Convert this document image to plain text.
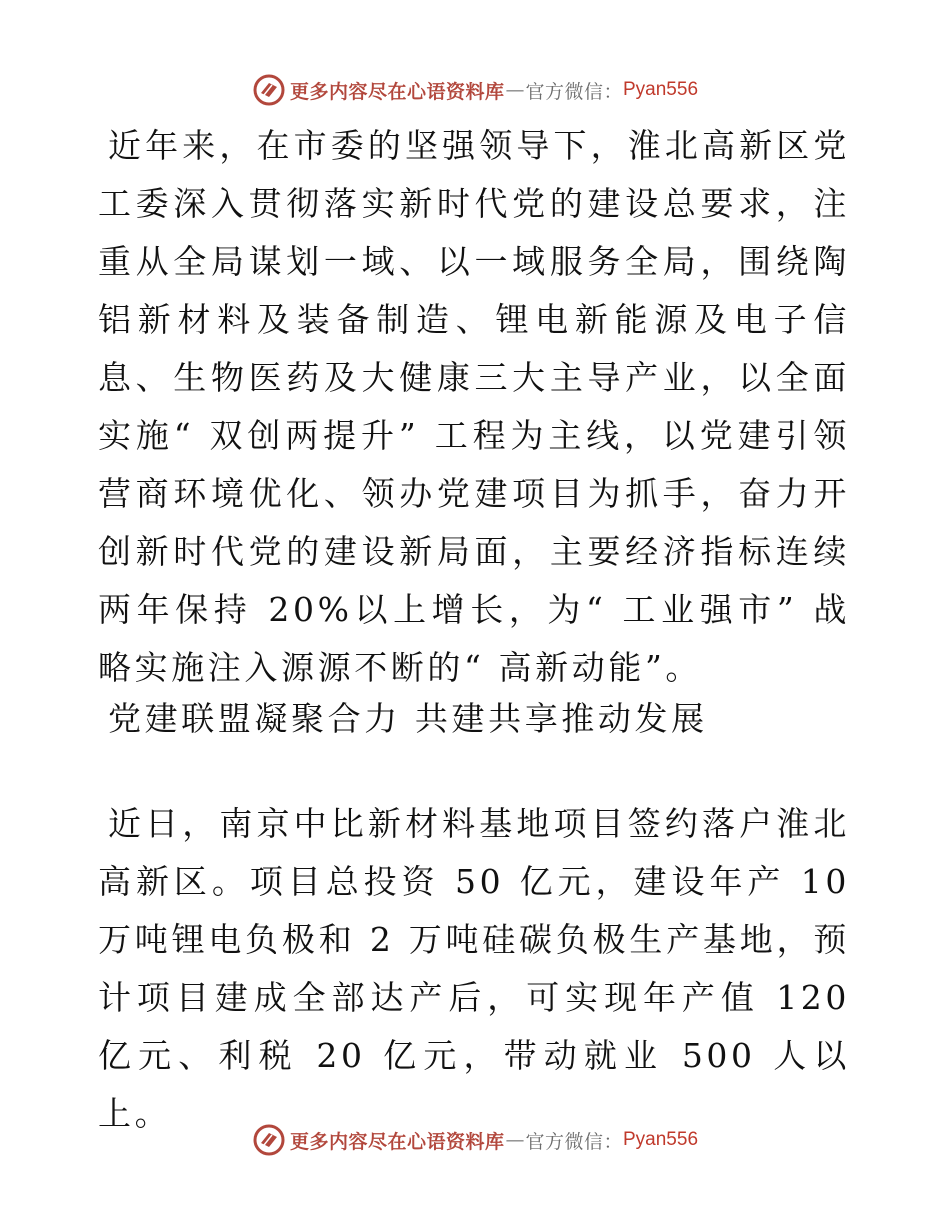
更多内容尽在心语资料库 — 官方微信： Pyan556

近年来，在市委的坚强领导下，淮北高新区党工委深入贯彻落实新时代党的建设总要求，注重从全局谋划一域、以一域服务全局，围绕陶铝新材料及装备制造、锂电新能源及电子信息、生物医药及大健康三大主导产业，以全面实施“ 双创两提升” 工程为主线，以党建引领营商环境优化、领办党建项目为抓手，奋力开创新时代党的建设新局面，主要经济指标连续两年保持 20%以上增长，为“ 工业强市” 战略实施注入源源不断的“ 高新动能”。

党建联盟凝聚合力 共建共享推动发展

近日，南京中比新材料基地项目签约落户淮北高新区。项目总投资 50 亿元，建设年产 10 万吨锂电负极和 2 万吨硅碳负极生产基地，预计项目建成全部达产后，可实现年产值 120 亿元、利税 20 亿元，带动就业 500 人以上。

更多内容尽在心语资料库 — 官方微信： Pyan556
